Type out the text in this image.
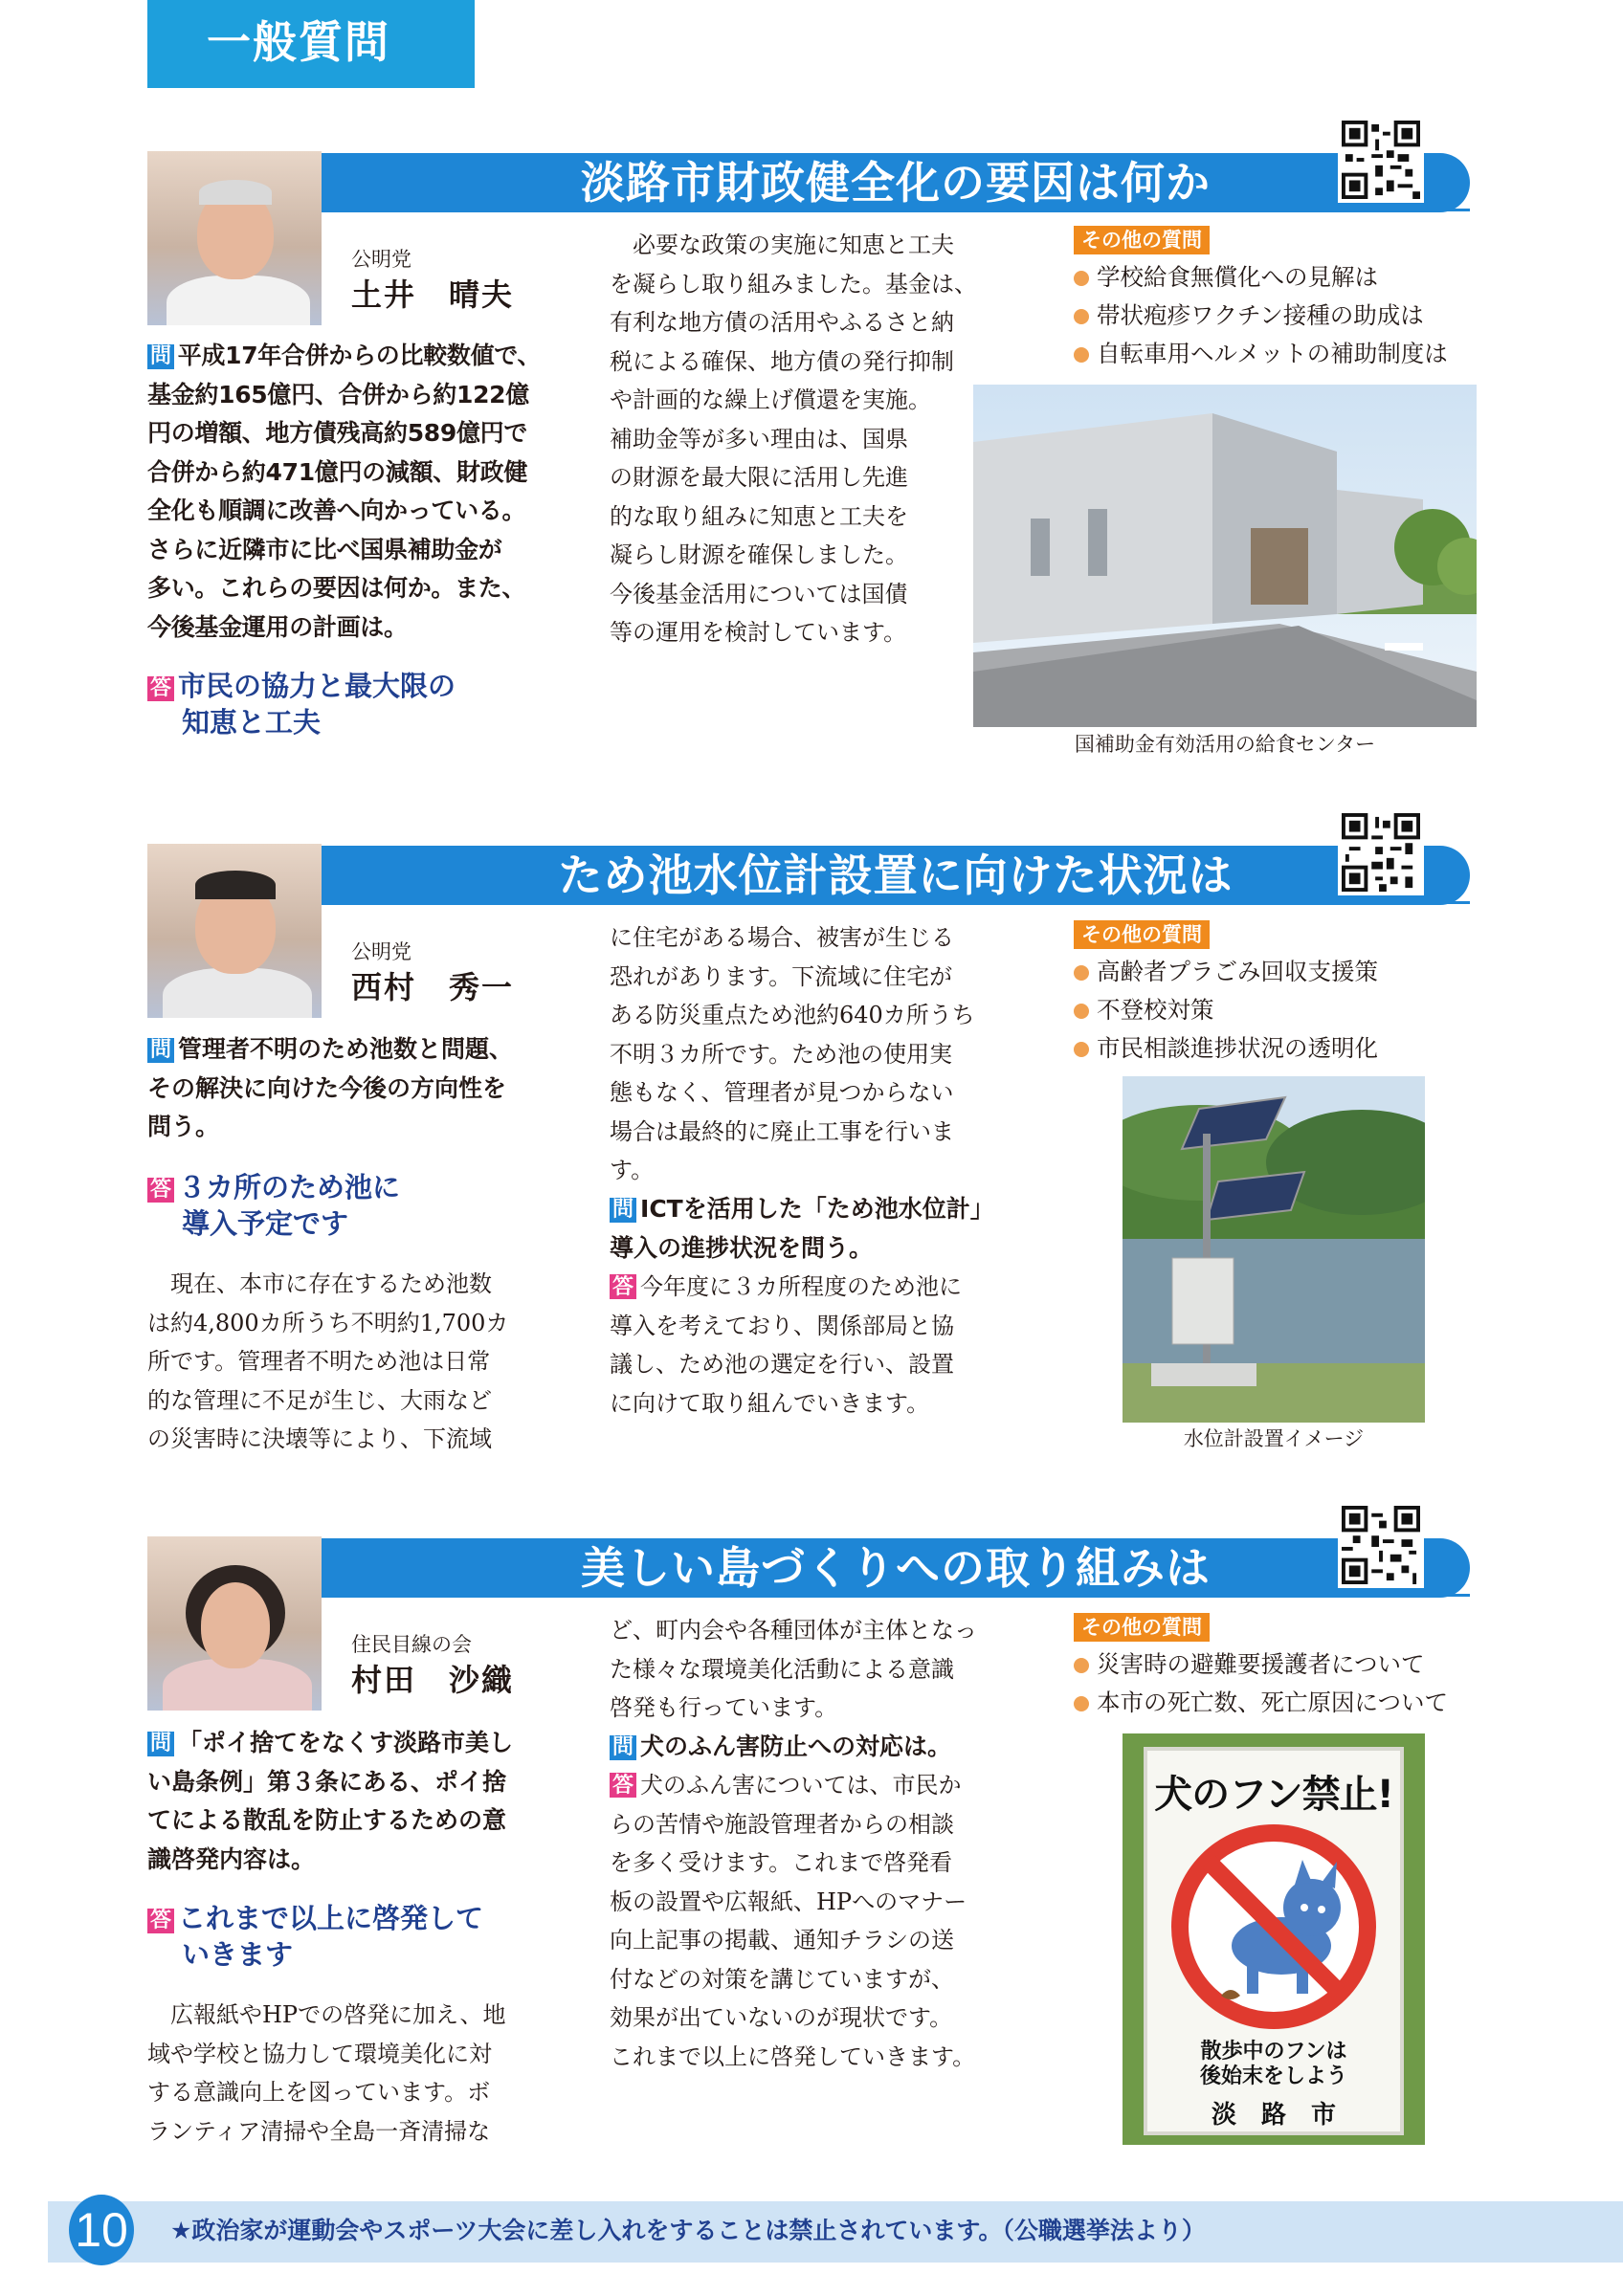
一般質問
淡路市財政健全化の要因は何か
公明党
土井　晴夫
問 平成17年合併からの比較数値で、
基金約165億円、合併から約122億
円の増額、地方債残高約589億円で
合併から約471億円の減額、財政健
全化も順調に改善へ向かっている。
さらに近隣市に比べ国県補助金が
多い。これらの要因は何か。また、
今後基金運用の計画は。
答 市民の協力と最大限の
知恵と工夫
　必要な政策の実施に知恵と工夫
を凝らし取り組みました。基金は、
有利な地方債の活用やふるさと納
税による確保、地方債の発行抑制
や計画的な繰上げ償還を実施。
補助金等が多い理由は、国県
の財源を最大限に活用し先進
的な取り組みに知恵と工夫を
凝らし財源を確保しました。
今後基金活用については国債
等の運用を検討しています。
その他の質問
学校給食無償化への見解は
帯状疱疹ワクチン接種の助成は
自転車用ヘルメットの補助制度は
国補助金有効活用の給食センター
ため池水位計設置に向けた状況は
公明党
西村　秀一
問 管理者不明のため池数と問題、
その解決に向けた今後の方向性を
問う。
答 ３カ所のため池に
導入予定です
　現在、本市に存在するため池数
は約4,800カ所うち不明約1,700カ
所です。管理者不明ため池は日常
的な管理に不足が生じ、大雨など
の災害時に決壊等により、下流域
に住宅がある場合、被害が生じる
恐れがあります。下流域に住宅が
ある防災重点ため池約640カ所うち
不明３カ所です。ため池の使用実
態もなく、管理者が見つからない
場合は最終的に廃止工事を行いま
す。
問 ICTを活用した「ため池水位計」
導入の進捗状況を問う。
答 今年度に３カ所程度のため池に
導入を考えており、関係部局と協
議し、ため池の選定を行い、設置
に向けて取り組んでいきます。
その他の質問
高齢者プラごみ回収支援策
不登校対策
市民相談進捗状況の透明化
水位計設置イメージ
美しい島づくりへの取り組みは
住民目線の会
村田　沙織
問 「ポイ捨てをなくす淡路市美し
い島条例」第３条にある、ポイ捨
てによる散乱を防止するための意
識啓発内容は。
答 これまで以上に啓発して
いきます
　広報紙やHPでの啓発に加え、地
域や学校と協力して環境美化に対
する意識向上を図っています。ボ
ランティア清掃や全島一斉清掃な
ど、町内会や各種団体が主体となっ
た様々な環境美化活動による意識
啓発も行っています。
問 犬のふん害防止への対応は。
答 犬のふん害については、市民か
らの苦情や施設管理者からの相談
を多く受けます。これまで啓発看
板の設置や広報紙、HPへのマナー
向上記事の掲載、通知チラシの送
付などの対策を講じていますが、
効果が出ていないのが現状です。
これまで以上に啓発していきます。
その他の質問
災害時の避難要援護者について
本市の死亡数、死亡原因について
犬のフン禁止!
散歩中のフンは
後始末をしよう
淡　路　市
10 ★政治家が運動会やスポーツ大会に差し入れをすることは禁止されています。（公職選挙法より）
